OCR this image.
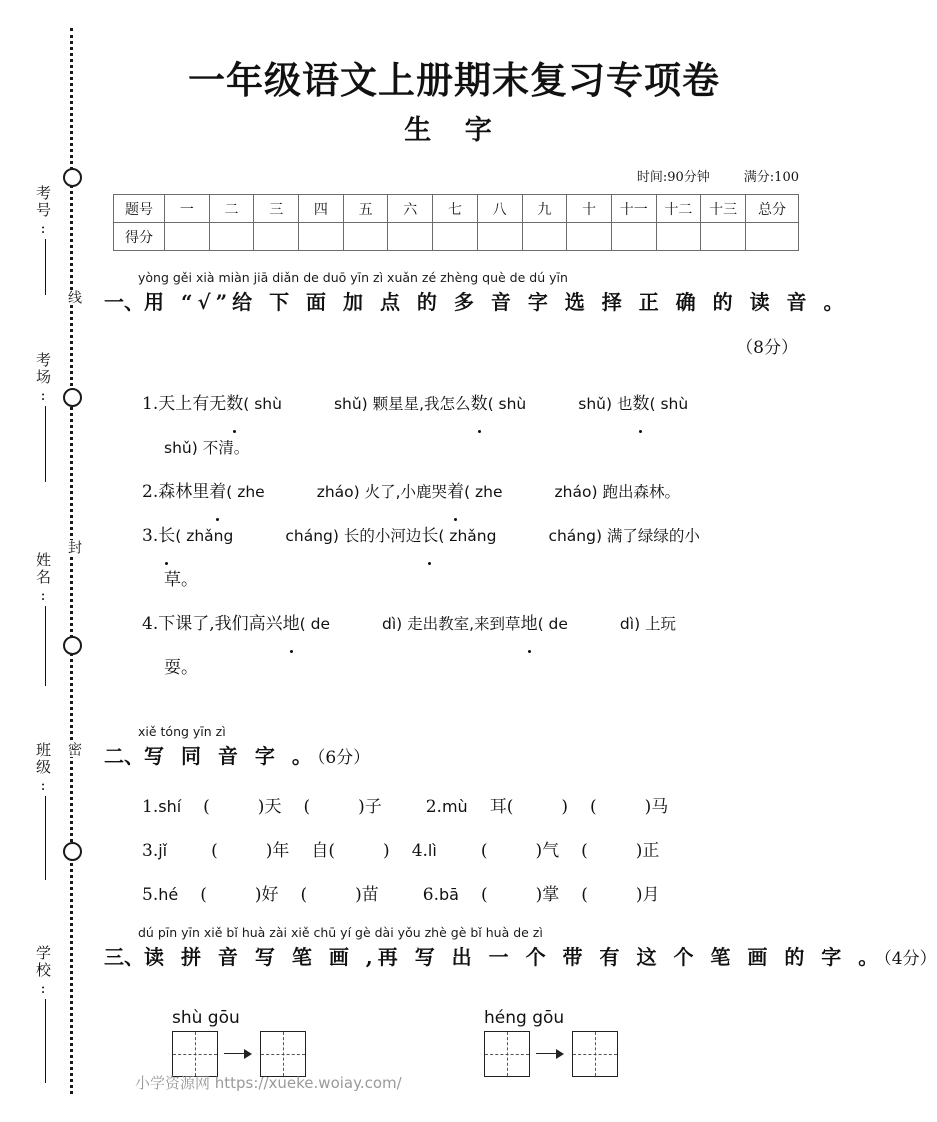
线
封
密
考号:
考场:
姓名:
班级:
学校:
一年级语文上册期末复习专项卷
生 字
时间:90分钟	满分:100
题号	一	二	三	四	五	六	七	八	九	十	十一	十二	十三	总分
得分														
yòng gěi xià miàn jiā diǎn de duō yīn zì xuǎn zé zhèng què de dú yīn
一、用 “√”给 下 面 加 点 的 多 音 字 选 择 正 确 的 读 音 。
（8分）
1.天上有无数( shù	shǔ) 颗星星,我怎么数( shù	shǔ) 也数( shù
shǔ) 不清。
2.森林里着( zhe	zháo) 火了,小鹿哭着( zhe	zháo) 跑出森林。
3.长( zhǎng	cháng) 长的小河边长( zhǎng	cháng) 满了绿绿的小
草。
4.下课了,我们高兴地( de	dì) 走出教室,来到草地( de	dì) 上玩
耍。
xiě tóng yīn zì
二、写 同 音 字 。（6分）
1.shí (	)天 (	)子	2.mù 耳(	) (	)马
3.jǐ	(	)年 自(	) 4.lì	(	)气 (	)正
5.hé (	)好 (	)苗	6.bā (	)掌 (	)月
dú pīn yīn xiě bǐ huà zài xiě chū yí gè dài yǒu zhè gè bǐ huà de zì
三、读 拼 音 写 笔 画 ,再 写 出 一 个 带 有 这 个 笔 画 的 字 。（4分）
shù gōu	héng gōu
小学资源网 https://xueke.woiay.com/
